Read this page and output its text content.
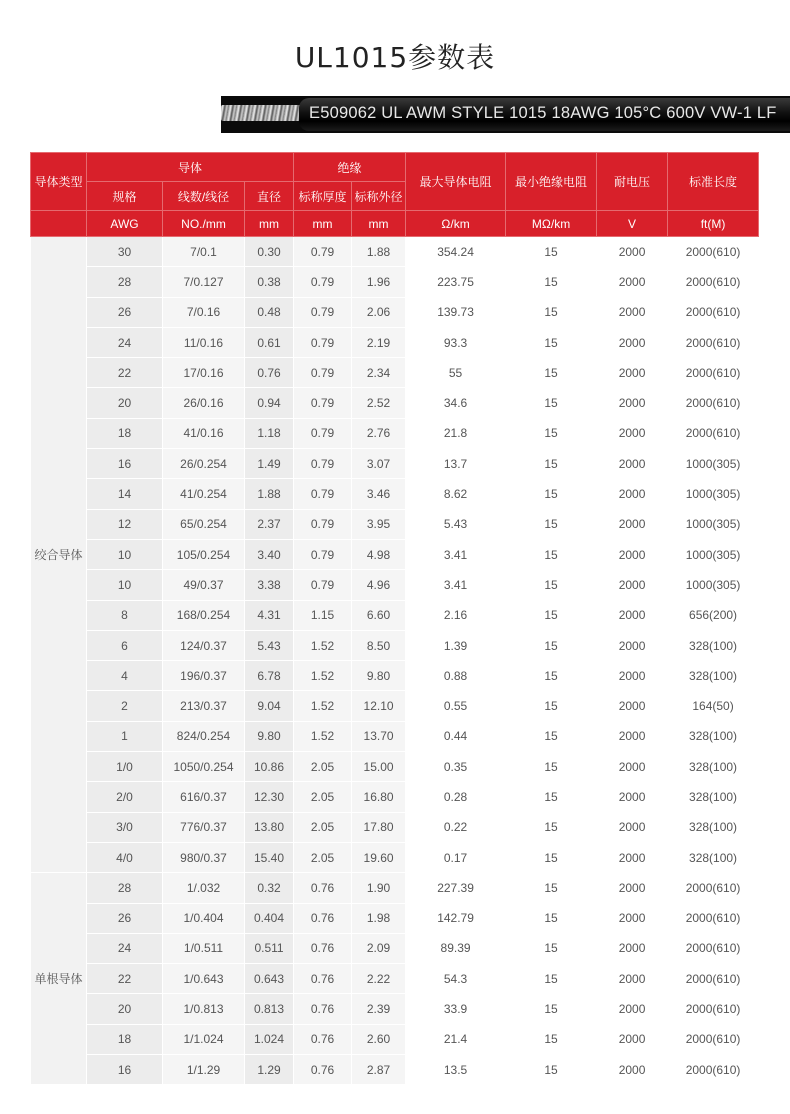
UL1015参数表
E509062 UL AWM STYLE 1015 18AWG 105°C 600V VW-1 LF
导体类型	导体			绝缘		最大导体电阻	最小绝缘电阻	耐电压	标准长度
	规格	线数/线径	直径	标称厚度	标称外径				
	AWG	NO./mm	mm	mm	mm	Ω/km	MΩ/km	V	ft(M)
绞合导体	30	7/0.1	0.30	0.79	1.88	354.24	15	2000	2000(610)
	28	7/0.127	0.38	0.79	1.96	223.75	15	2000	2000(610)
	26	7/0.16	0.48	0.79	2.06	139.73	15	2000	2000(610)
	24	11/0.16	0.61	0.79	2.19	93.3	15	2000	2000(610)
	22	17/0.16	0.76	0.79	2.34	55	15	2000	2000(610)
	20	26/0.16	0.94	0.79	2.52	34.6	15	2000	2000(610)
	18	41/0.16	1.18	0.79	2.76	21.8	15	2000	2000(610)
	16	26/0.254	1.49	0.79	3.07	13.7	15	2000	1000(305)
	14	41/0.254	1.88	0.79	3.46	8.62	15	2000	1000(305)
	12	65/0.254	2.37	0.79	3.95	5.43	15	2000	1000(305)
	10	105/0.254	3.40	0.79	4.98	3.41	15	2000	1000(305)
	10	49/0.37	3.38	0.79	4.96	3.41	15	2000	1000(305)
	8	168/0.254	4.31	1.15	6.60	2.16	15	2000	656(200)
	6	124/0.37	5.43	1.52	8.50	1.39	15	2000	328(100)
	4	196/0.37	6.78	1.52	9.80	0.88	15	2000	328(100)
	2	213/0.37	9.04	1.52	12.10	0.55	15	2000	164(50)
	1	824/0.254	9.80	1.52	13.70	0.44	15	2000	328(100)
	1/0	1050/0.254	10.86	2.05	15.00	0.35	15	2000	328(100)
	2/0	616/0.37	12.30	2.05	16.80	0.28	15	2000	328(100)
	3/0	776/0.37	13.80	2.05	17.80	0.22	15	2000	328(100)
	4/0	980/0.37	15.40	2.05	19.60	0.17	15	2000	328(100)
单根导体	28	1/.032	0.32	0.76	1.90	227.39	15	2000	2000(610)
	26	1/0.404	0.404	0.76	1.98	142.79	15	2000	2000(610)
	24	1/0.511	0.511	0.76	2.09	89.39	15	2000	2000(610)
	22	1/0.643	0.643	0.76	2.22	54.3	15	2000	2000(610)
	20	1/0.813	0.813	0.76	2.39	33.9	15	2000	2000(610)
	18	1/1.024	1.024	0.76	2.60	21.4	15	2000	2000(610)
	16	1/1.29	1.29	0.76	2.87	13.5	15	2000	2000(610)
